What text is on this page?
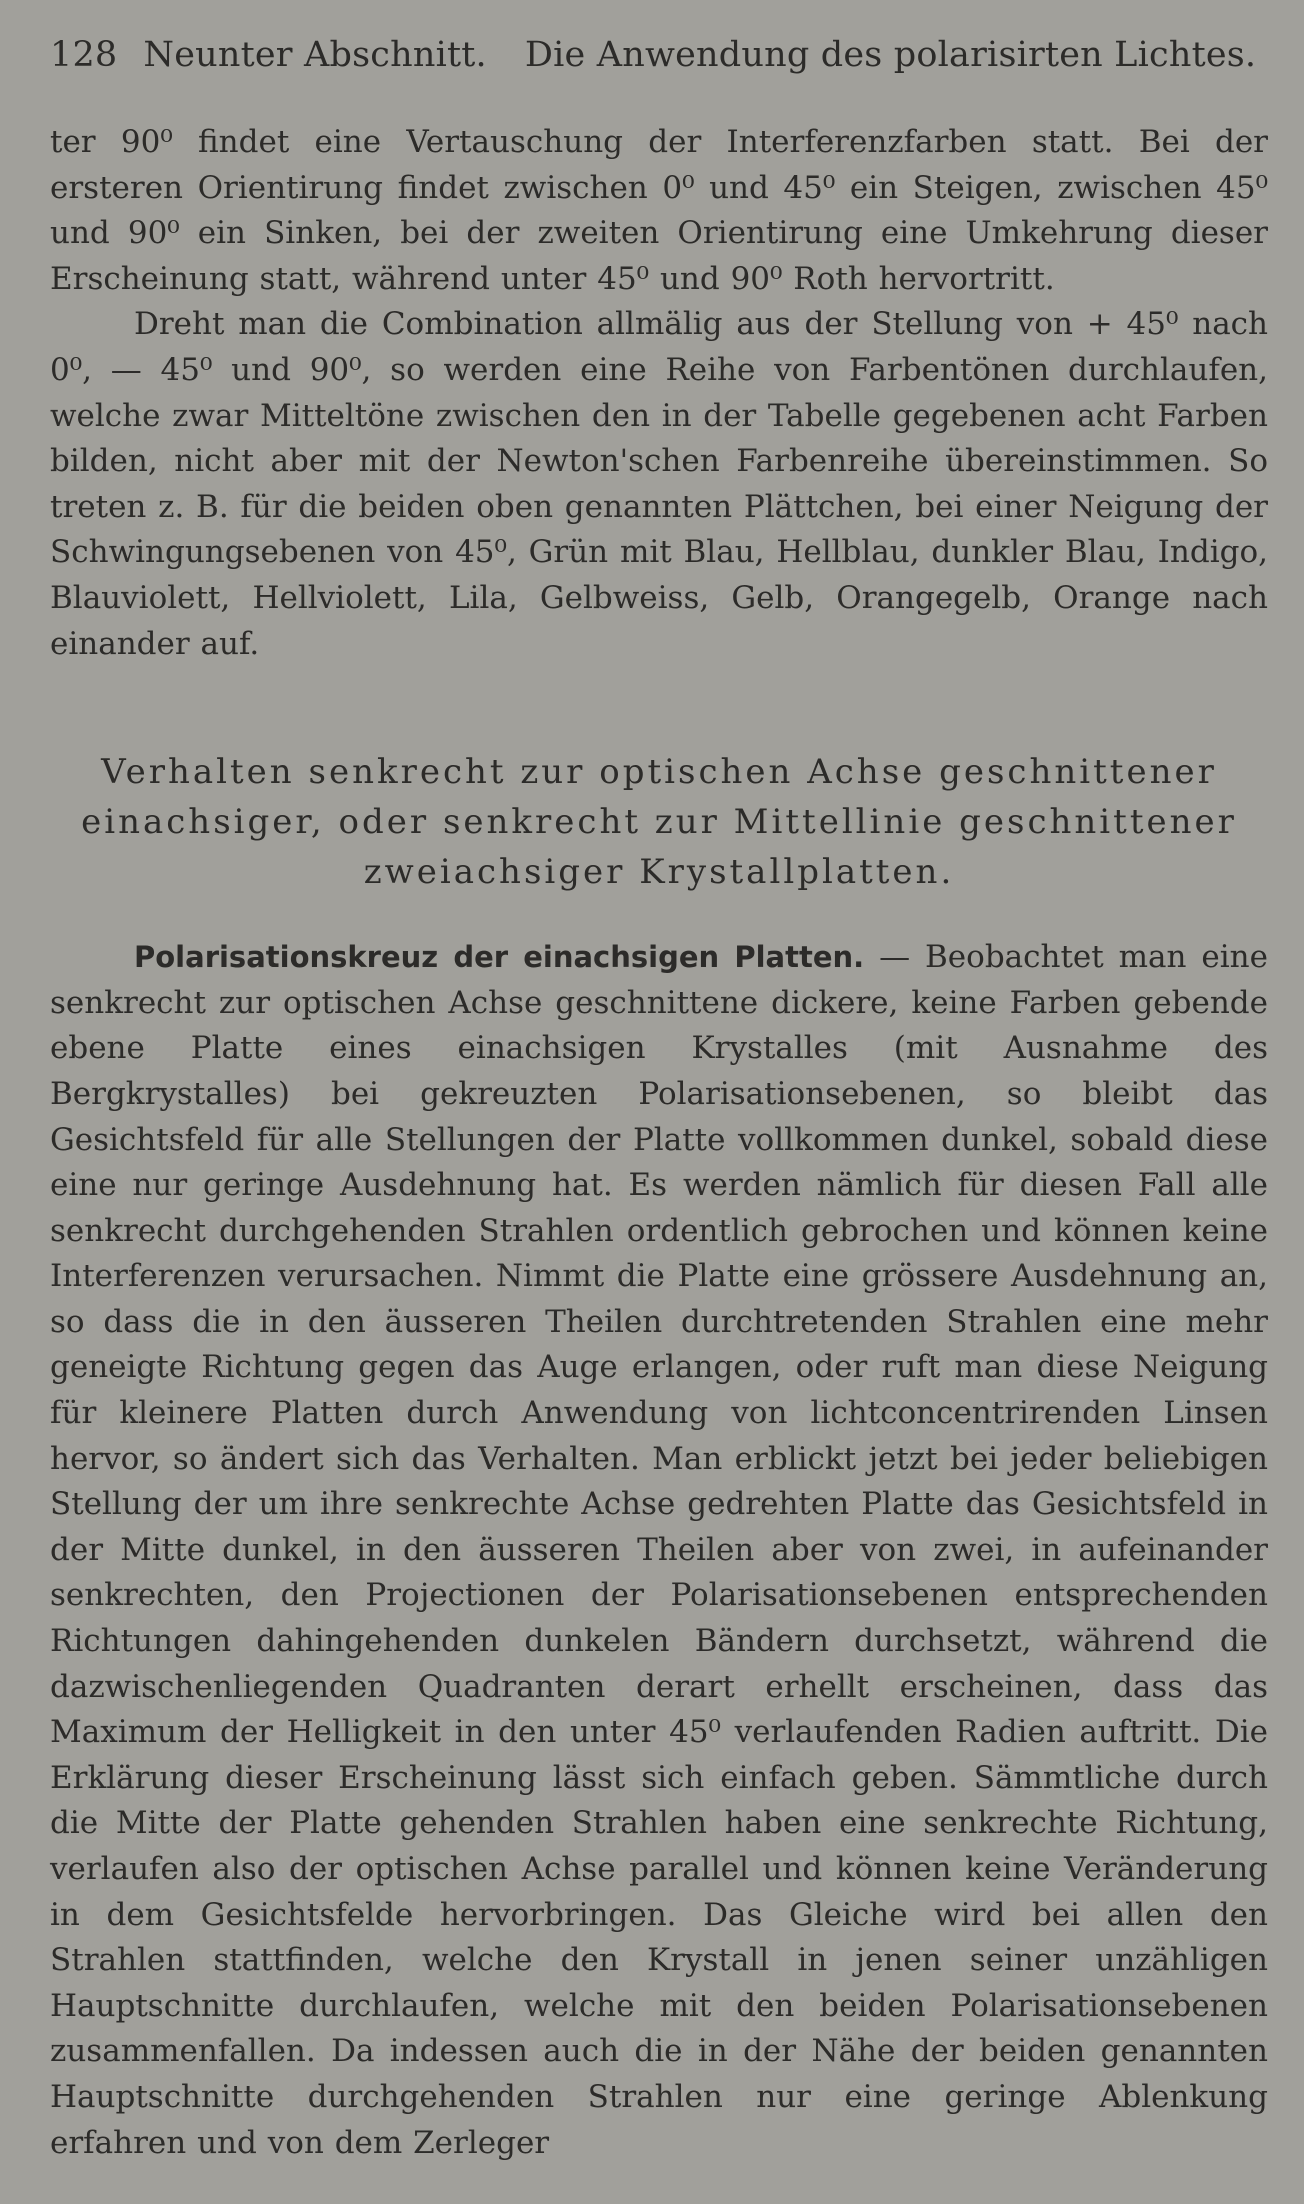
128 Neunter Abschnitt. Die Anwendung des polarisirten Lichtes.

ter 90⁰ findet eine Vertauschung der Interferenzfarben statt. Bei der ersteren Orientirung findet zwischen 0⁰ und 45⁰ ein Steigen, zwischen 45⁰ und 90⁰ ein Sinken, bei der zweiten Orientirung eine Umkehrung dieser Erscheinung statt, während unter 45⁰ und 90⁰ Roth hervortritt.

Dreht man die Combination allmälig aus der Stellung von + 45⁰ nach 0⁰, — 45⁰ und 90⁰, so werden eine Reihe von Farbentönen durchlaufen, welche zwar Mitteltöne zwischen den in der Tabelle gegebenen acht Farben bilden, nicht aber mit der Newton'schen Farbenreihe übereinstimmen. So treten z. B. für die beiden oben genannten Plättchen, bei einer Neigung der Schwingungsebenen von 45⁰, Grün mit Blau, Hellblau, dunkler Blau, Indigo, Blauviolett, Hellviolett, Lila, Gelbweiss, Gelb, Orangegelb, Orange nach einander auf.

Verhalten senkrecht zur optischen Achse geschnittener einachsiger, oder senkrecht zur Mittellinie geschnittener zweiachsiger Krystallplatten.

Polarisationskreuz der einachsigen Platten. — Beobachtet man eine senkrecht zur optischen Achse geschnittene dickere, keine Farben gebende ebene Platte eines einachsigen Krystalles (mit Ausnahme des Bergkrystalles) bei gekreuzten Polarisationsebenen, so bleibt das Gesichtsfeld für alle Stellungen der Platte vollkommen dunkel, sobald diese eine nur geringe Ausdehnung hat. Es werden nämlich für diesen Fall alle senkrecht durchgehenden Strahlen ordentlich gebrochen und können keine Interferenzen verursachen. Nimmt die Platte eine grössere Ausdehnung an, so dass die in den äusseren Theilen durchtretenden Strahlen eine mehr geneigte Richtung gegen das Auge erlangen, oder ruft man diese Neigung für kleinere Platten durch Anwendung von lichtconcentrirenden Linsen hervor, so ändert sich das Verhalten. Man erblickt jetzt bei jeder beliebigen Stellung der um ihre senkrechte Achse gedrehten Platte das Gesichtsfeld in der Mitte dunkel, in den äusseren Theilen aber von zwei, in aufeinander senkrechten, den Projectionen der Polarisationsebenen entsprechenden Richtungen dahingehenden dunkelen Bändern durchsetzt, während die dazwischenliegenden Quadranten derart erhellt erscheinen, dass das Maximum der Helligkeit in den unter 45⁰ verlaufenden Radien auftritt. Die Erklärung dieser Erscheinung lässt sich einfach geben. Sämmtliche durch die Mitte der Platte gehenden Strahlen haben eine senkrechte Richtung, verlaufen also der optischen Achse parallel und können keine Veränderung in dem Gesichtsfelde hervorbringen. Das Gleiche wird bei allen den Strahlen stattfinden, welche den Krystall in jenen seiner unzähligen Hauptschnitte durchlaufen, welche mit den beiden Polarisationsebenen zusammenfallen. Da indessen auch die in der Nähe der beiden genannten Hauptschnitte durchgehenden Strahlen nur eine geringe Ablenkung erfahren und von dem Zerleger
